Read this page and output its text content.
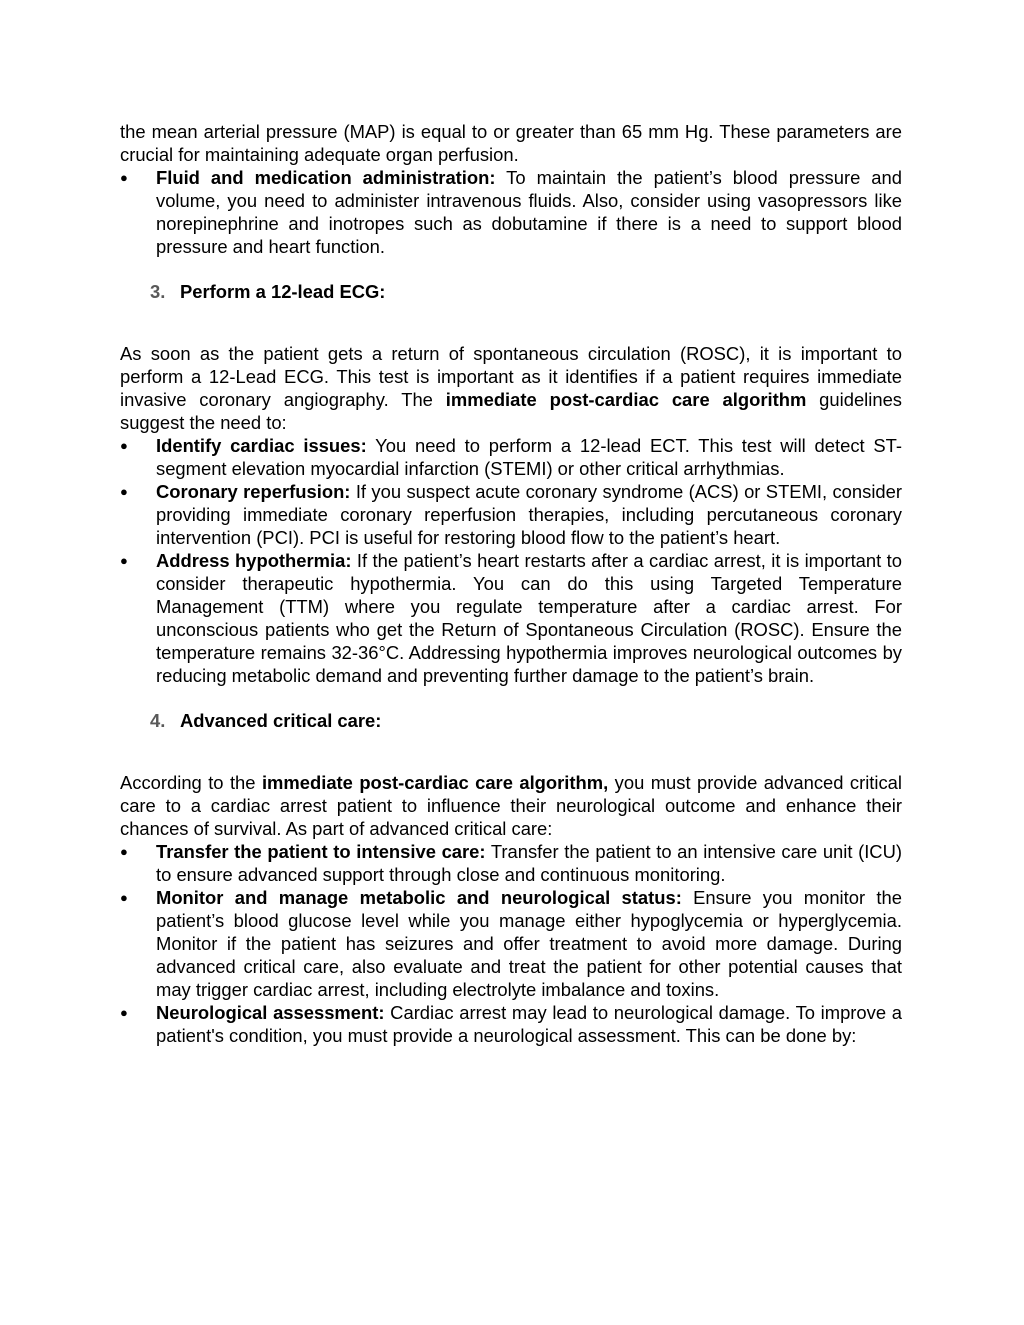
the mean arterial pressure (MAP) is equal to or greater than 65 mm Hg. These parameters are crucial for maintaining adequate organ perfusion.

●	Fluid and medication administration: To maintain the patient’s blood pressure and volume, you need to administer intravenous fluids. Also, consider using vasopressors like norepinephrine and inotropes such as dobutamine if there is a need to support blood pressure and heart function.

3. Perform a 12-lead ECG:

As soon as the patient gets a return of spontaneous circulation (ROSC), it is important to perform a 12-Lead ECG. This test is important as it identifies if a patient requires immediate invasive coronary angiography. The immediate post-cardiac care algorithm guidelines suggest the need to:

●	Identify cardiac issues: You need to perform a 12-lead ECT. This test will detect ST-segment elevation myocardial infarction (STEMI) or other critical arrhythmias.
●	Coronary reperfusion: If you suspect acute coronary syndrome (ACS) or STEMI, consider providing immediate coronary reperfusion therapies, including percutaneous coronary intervention (PCI). PCI is useful for restoring blood flow to the patient’s heart.
●	Address hypothermia: If the patient’s heart restarts after a cardiac arrest, it is important to consider therapeutic hypothermia. You can do this using Targeted Temperature Management (TTM) where you regulate temperature after a cardiac arrest. For unconscious patients who get the Return of Spontaneous Circulation (ROSC). Ensure the temperature remains 32-36°C. Addressing hypothermia improves neurological outcomes by reducing metabolic demand and preventing further damage to the patient’s brain.

4. Advanced critical care:

According to the immediate post-cardiac care algorithm, you must provide advanced critical care to a cardiac arrest patient to influence their neurological outcome and enhance their chances of survival. As part of advanced critical care:

●	Transfer the patient to intensive care: Transfer the patient to an intensive care unit (ICU) to ensure advanced support through close and continuous monitoring.
●	Monitor and manage metabolic and neurological status: Ensure you monitor the patient’s blood glucose level while you manage either hypoglycemia or hyperglycemia. Monitor if the patient has seizures and offer treatment to avoid more damage. During advanced critical care, also evaluate and treat the patient for other potential causes that may trigger cardiac arrest, including electrolyte imbalance and toxins.
●	Neurological assessment: Cardiac arrest may lead to neurological damage. To improve a patient's condition, you must provide a neurological assessment. This can be done by:
